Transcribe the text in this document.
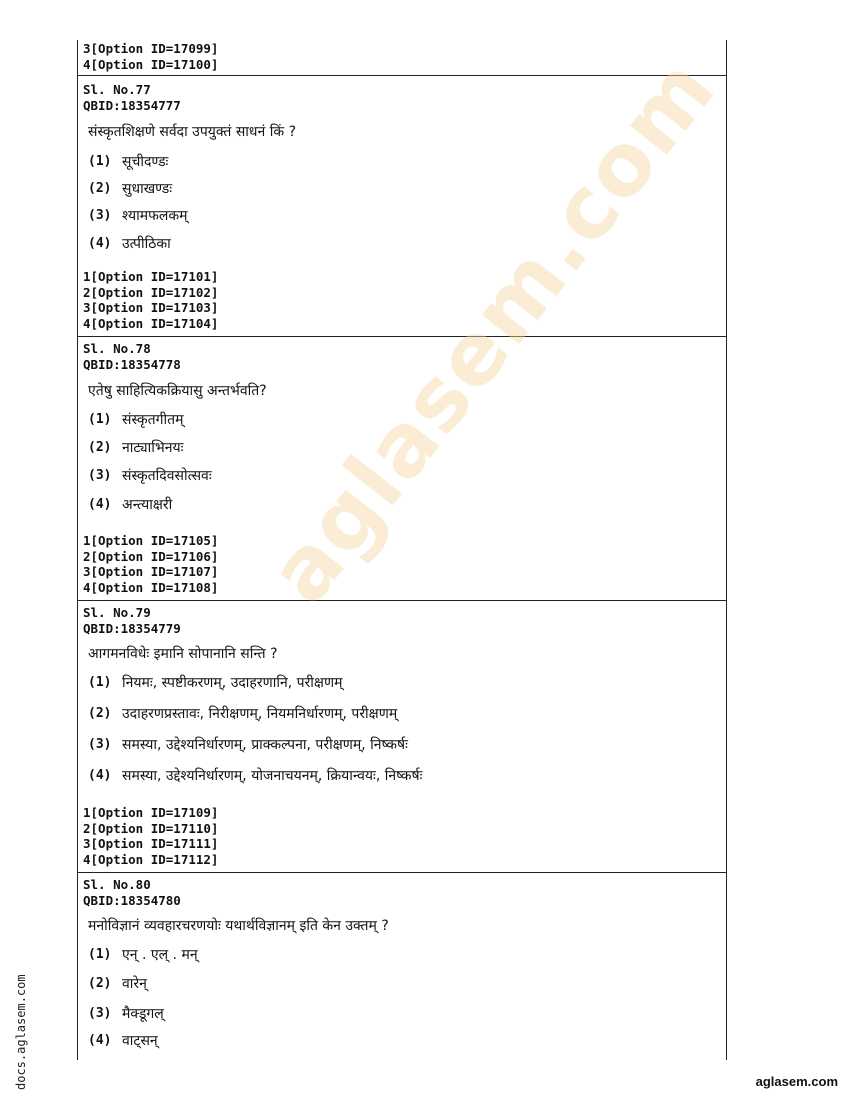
3[Option ID=17099]
4[Option ID=17100]
Sl. No.77
QBID:18354777
संस्कृतशिक्षणे सर्वदा उपयुक्तं साधनं किं ?
(1) सूचीदण्डः
(2) सुधाखण्डः
(3) श्यामफलकम्
(4) उत्पीठिका
1[Option ID=17101]
2[Option ID=17102]
3[Option ID=17103]
4[Option ID=17104]
Sl. No.78
QBID:18354778
एतेषु साहित्यिकक्रियासु अन्तर्भवति?
(1) संस्कृतगीतम्
(2) नाट्याभिनयः
(3) संस्कृतदिवसोत्सवः
(4) अन्त्याक्षरी
1[Option ID=17105]
2[Option ID=17106]
3[Option ID=17107]
4[Option ID=17108]
Sl. No.79
QBID:18354779
आगमनविधेः इमानि सोपानानि सन्ति ?
(1) नियमः, स्पष्टीकरणम्, उदाहरणानि, परीक्षणम्
(2) उदाहरणप्रस्तावः, निरीक्षणम्, नियमनिर्धारणम्, परीक्षणम्
(3) समस्या, उद्देश्यनिर्धारणम्, प्राक्कल्पना, परीक्षणम्, निष्कर्षः
(4) समस्या, उद्देश्यनिर्धारणम्, योजनाचयनम्, क्रियान्वयः, निष्कर्षः
1[Option ID=17109]
2[Option ID=17110]
3[Option ID=17111]
4[Option ID=17112]
Sl. No.80
QBID:18354780
मनोविज्ञानं व्यवहारचरणयोः यथार्थविज्ञानम् इति केन उक्तम् ?
(1) एन् . एल् . मन्
(2) वारेन्
(3) मैक्डूगल्
(4) वाट्सन्
aglasem.com
docs.aglasem.com	aglasem.com
